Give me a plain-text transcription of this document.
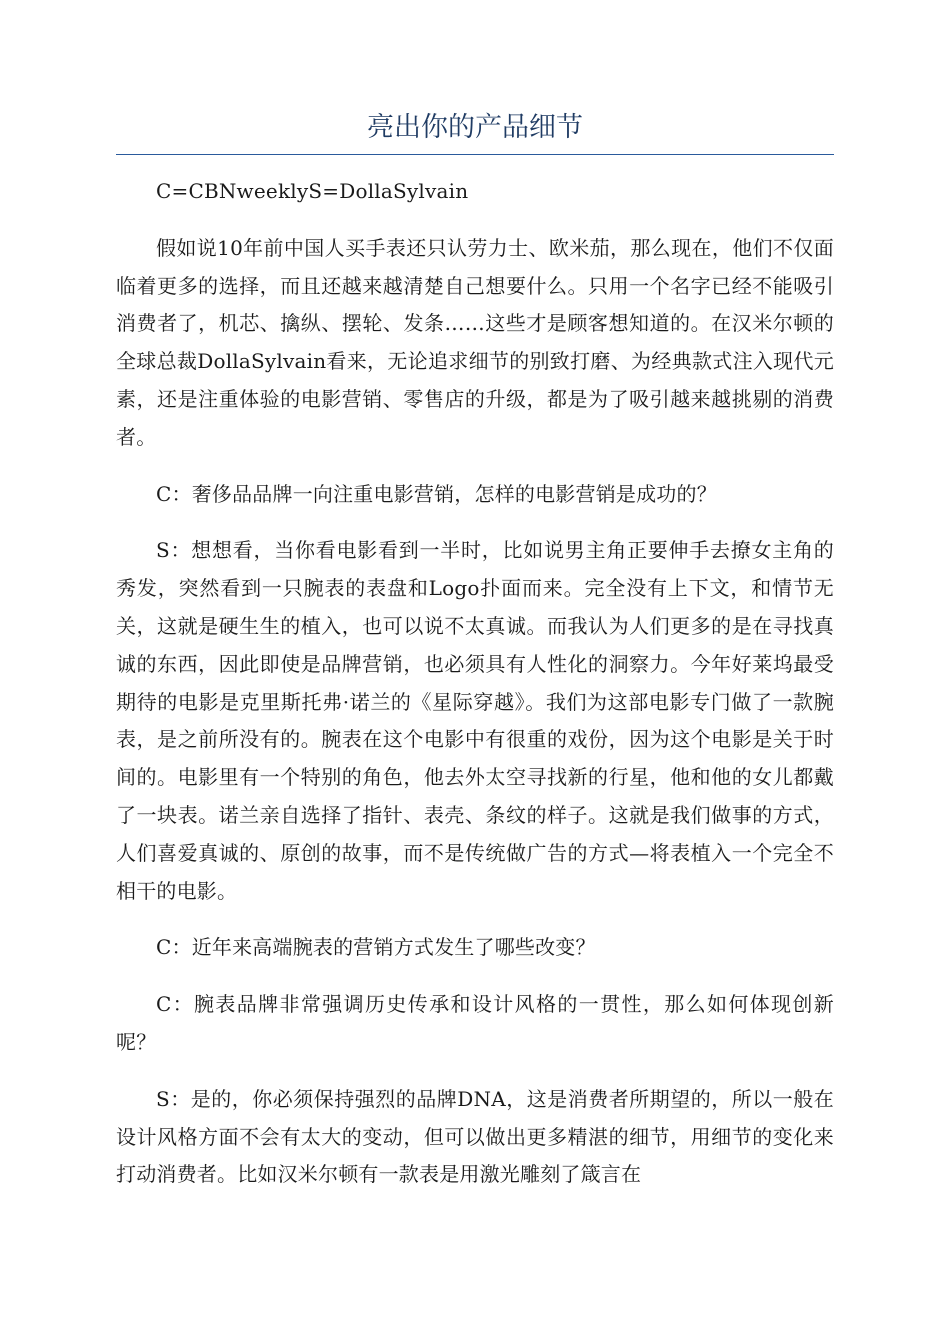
亮出你的产品细节

C=CBNweeklyS=DollaSylvain

假如说10年前中国人买手表还只认劳力士、欧米茄，那么现在，他们不仅面临着更多的选择，而且还越来越清楚自己想要什么。只用一个名字已经不能吸引消费者了，机芯、擒纵、摆轮、发条……这些才是顾客想知道的。在汉米尔顿的全球总裁DollaSylvain看来，无论追求细节的别致打磨、为经典款式注入现代元素，还是注重体验的电影营销、零售店的升级，都是为了吸引越来越挑剔的消费者。

C：奢侈品品牌一向注重电影营销，怎样的电影营销是成功的？

S：想想看，当你看电影看到一半时，比如说男主角正要伸手去撩女主角的秀发，突然看到一只腕表的表盘和Logo扑面而来。完全没有上下文，和情节无关，这就是硬生生的植入，也可以说不太真诚。而我认为人们更多的是在寻找真诚的东西，因此即使是品牌营销，也必须具有人性化的洞察力。今年好莱坞最受期待的电影是克里斯托弗·诺兰的《星际穿越》。我们为这部电影专门做了一款腕表，是之前所没有的。腕表在这个电影中有很重的戏份，因为这个电影是关于时间的。电影里有一个特别的角色，他去外太空寻找新的行星，他和他的女儿都戴了一块表。诺兰亲自选择了指针、表壳、条纹的样子。这就是我们做事的方式，人们喜爱真诚的、原创的故事，而不是传统做广告的方式—将表植入一个完全不相干的电影。

C：近年来高端腕表的营销方式发生了哪些改变？

C：腕表品牌非常强调历史传承和设计风格的一贯性，那么如何体现创新呢？

S：是的，你必须保持强烈的品牌DNA，这是消费者所期望的，所以一般在设计风格方面不会有太大的变动，但可以做出更多精湛的细节，用细节的变化来打动消费者。比如汉米尔顿有一款表是用激光雕刻了箴言在
